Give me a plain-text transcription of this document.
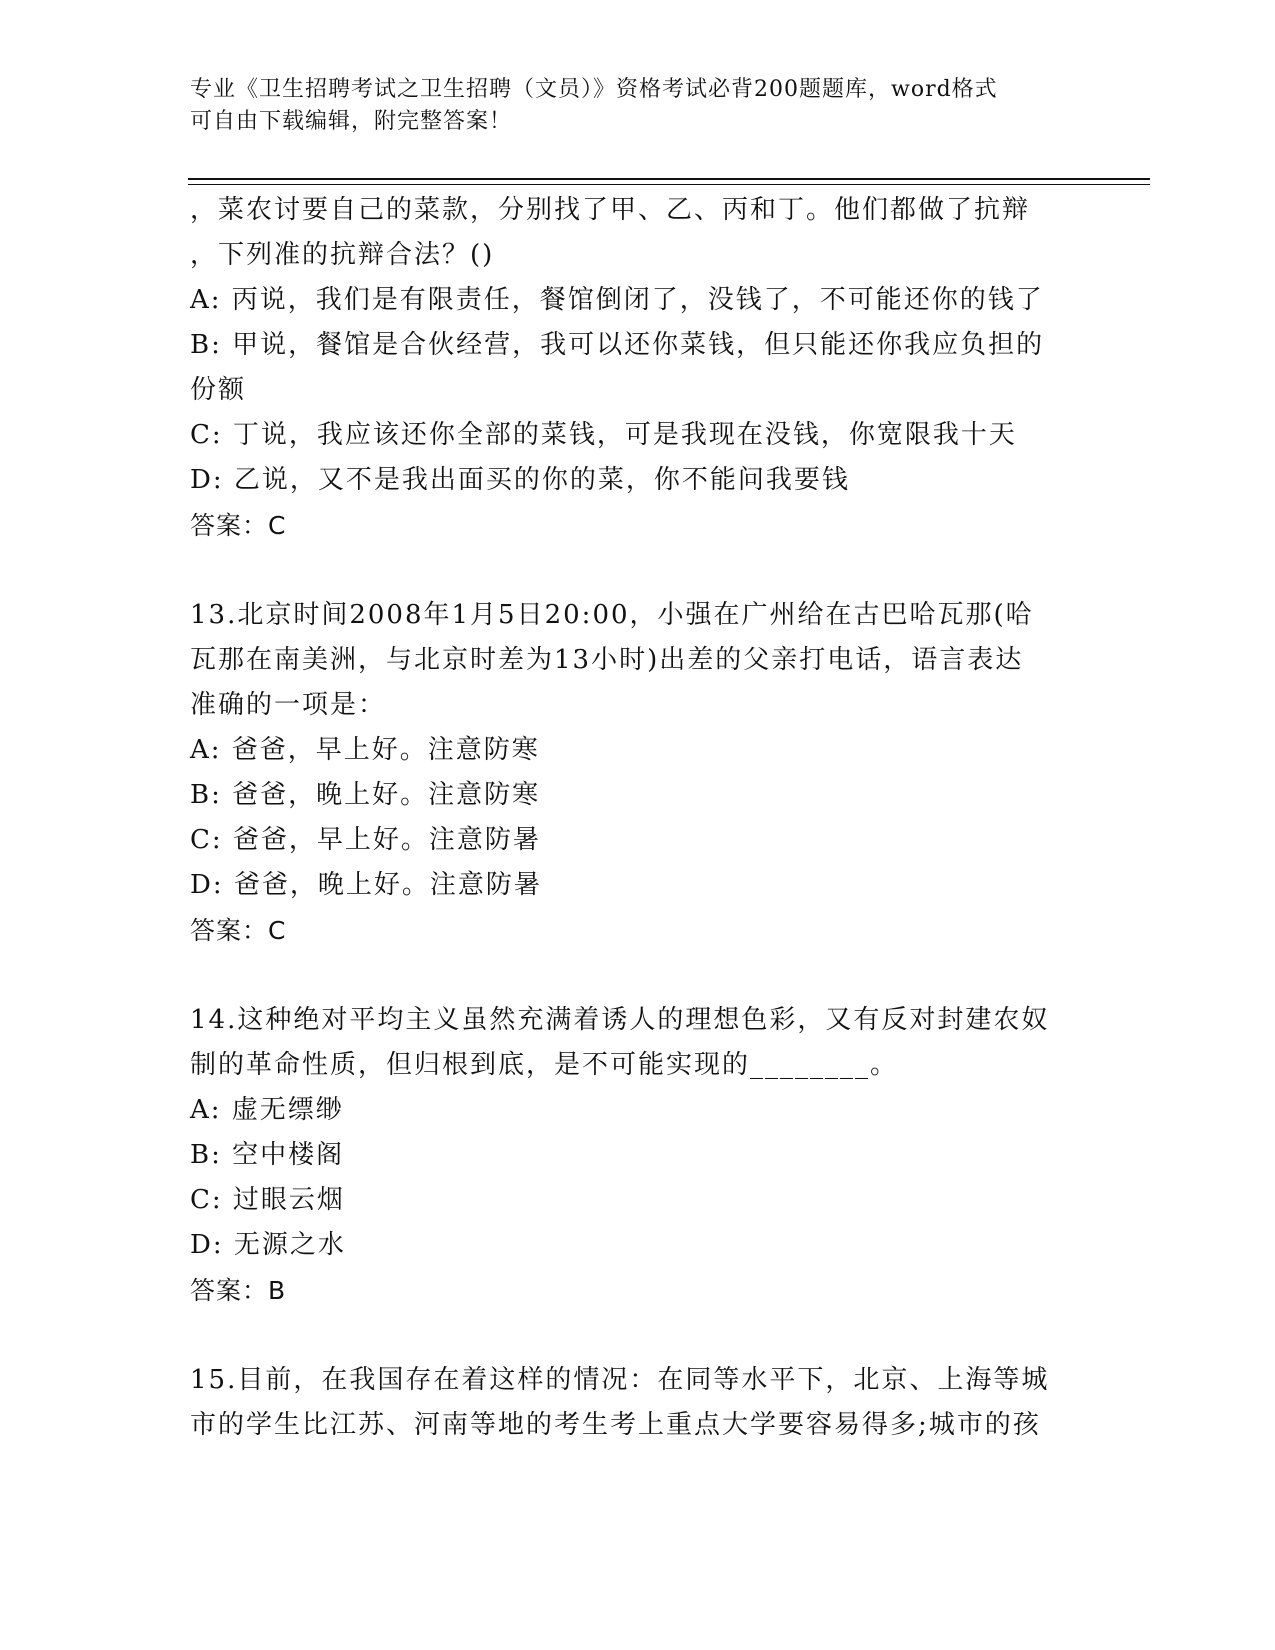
专业《卫生招聘考试之卫生招聘（文员）》资格考试必背200题题库，word格式
可自由下载编辑，附完整答案！

，菜农讨要自己的菜款，分别找了甲、乙、丙和丁。他们都做了抗辩

，下列准的抗辩合法？()

A: 丙说，我们是有限责任，餐馆倒闭了，没钱了，不可能还你的钱了

B: 甲说，餐馆是合伙经营，我可以还你菜钱，但只能还你我应负担的

份额

C: 丁说，我应该还你全部的菜钱，可是我现在没钱，你宽限我十天

D: 乙说，又不是我出面买的你的菜，你不能问我要钱

答案：C

13.北京时间2008年1月5日20:00，小强在广州给在古巴哈瓦那(哈

瓦那在南美洲，与北京时差为13小时)出差的父亲打电话，语言表达

准确的一项是：

A: 爸爸，早上好。注意防寒

B: 爸爸，晚上好。注意防寒

C: 爸爸，早上好。注意防暑

D: 爸爸，晚上好。注意防暑

答案：C

14.这种绝对平均主义虽然充满着诱人的理想色彩，又有反对封建农奴

制的革命性质，但归根到底，是不可能实现的________。

A: 虚无缥缈

B: 空中楼阁

C: 过眼云烟

D: 无源之水

答案：B

15.目前，在我国存在着这样的情况：在同等水平下，北京、上海等城

市的学生比江苏、河南等地的考生考上重点大学要容易得多;城市的孩
